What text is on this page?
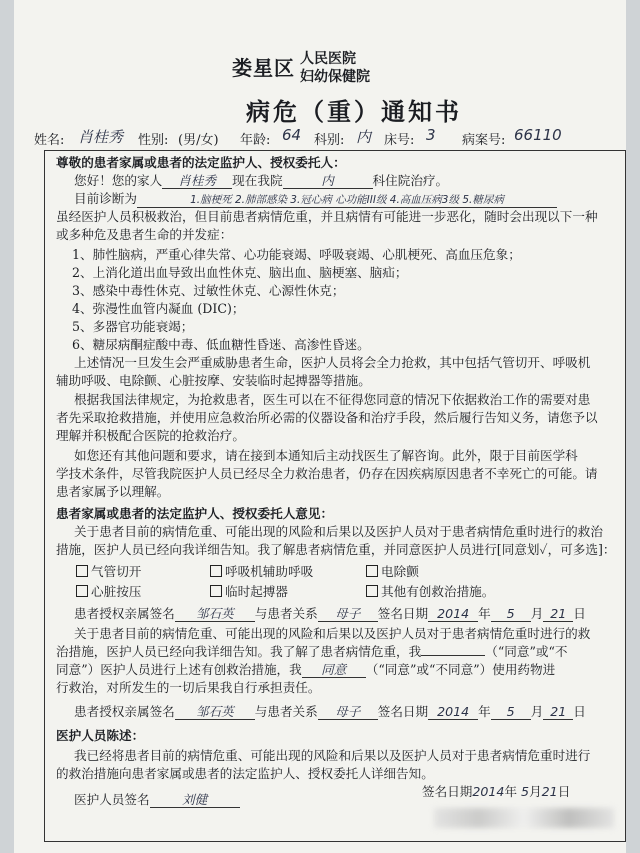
娄星区 人民医院
妇幼保健院
病危（重）通知书
姓名: 肖桂秀 性别: (男/女) 年龄: 64 科别: 内 床号: 3 病案号: 66110
尊敬的患者家属或患者的法定监护人、授权委托人：
您好！您的家人 肖桂秀 现在我院	内	科住院治疗。
目前诊断为	1.脑梗死 2.肺部感染 3.冠心病 心功能III级 4.高血压病3级 5.糖尿病
虽经医护人员积极救治，但目前患者病情危重，并且病情有可能进一步恶化，随时会出现以下一种
或多种危及患者生命的并发症：
1、肺性脑病，严重心律失常、心功能衰竭、呼吸衰竭、心肌梗死、高血压危象；
2、上消化道出血导致出血性休克、脑出血、脑梗塞、脑疝；
3、感染中毒性休克、过敏性休克、心源性休克；
4、弥漫性血管内凝血 (DIC)；
5、多器官功能衰竭；
6、糖尿病酮症酸中毒、低血糖性昏迷、高渗性昏迷。
上述情况一旦发生会严重威胁患者生命，医护人员将会全力抢救，其中包括气管切开、呼吸机
辅助呼吸、电除颤、心脏按摩、安装临时起搏器等措施。
根据我国法律规定，为抢救患者，医生可以在不征得您同意的情况下依据救治工作的需要对患
者先采取抢救措施，并使用应急救治所必需的仪器设备和治疗手段，然后履行告知义务，请您予以
理解并积极配合医院的抢救治疗。
如您还有其他问题和要求，请在接到本通知后主动找医生了解咨询。此外，限于目前医学科
学技术条件，尽管我院医护人员已经尽全力救治患者，仍存在因疾病原因患者不幸死亡的可能。请
患者家属予以理解。
患者家属或患者的法定监护人、授权委托人意见：
关于患者目前的病情危重、可能出现的风险和后果以及医护人员对于患者病情危重时进行的救治
措施，医护人员已经向我详细告知。我了解患者病情危重，并同意医护人员进行[同意划✓，可多选]：
气管切开	呼吸机辅助呼吸	电除颤
心脏按压	临时起搏器	其他有创救治措施。
患者授权亲属签名 邹石英 与患者关系 母子 签名日期 2014 年 5 月 21 日
关于患者目前的病情危重、可能出现的风险和后果以及医护人员对于患者病情危重时进行的救
治措施，医护人员已经向我详细告知。我了解了患者病情危重，我	（“同意”或“不
同意”）医护人员进行上述有创救治措施，我 同意 （“同意”或“不同意”）使用药物进
行救治，对所发生的一切后果我自行承担责任。
患者授权亲属签名 邹石英 与患者关系 母子 签名日期 2014 年 5 月 21 日
医护人员陈述：
我已经将患者目前的病情危重、可能出现的风险和后果以及医护人员对于患者病情危重时进行
的救治措施向患者家属或患者的法定监护人、授权委托人详细告知。
医护人员签名	刘健
签名日期2014年 5月21日
